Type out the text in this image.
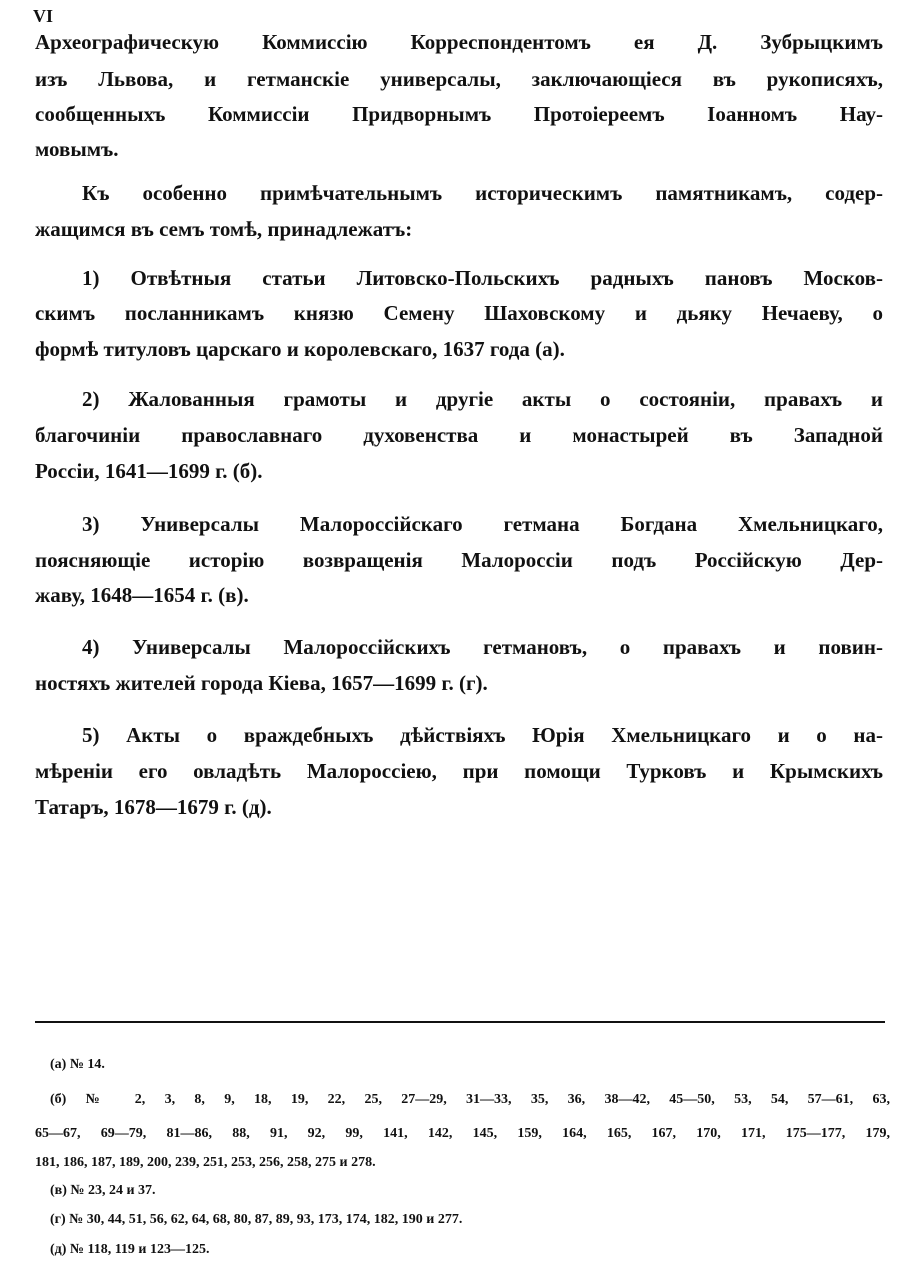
VI
Археографическую Коммиссію Корреспондентомъ ея Д. Зубрыцкимъ
изъ Львова, и гетманскіе универсалы, заключающіеся въ рукописяхъ,
сообщенныхъ Коммиссіи Придворнымъ Протоіереемъ Іоанномъ Нау-
мовымъ.
Къ особенно примѣчательнымъ историческимъ памятникамъ, содер-
жащимся въ семъ томѣ, принадлежатъ:
1) Отвѣтныя статьи Литовско-Польскихъ радныхъ пановъ Москов-
скимъ посланникамъ князю Семену Шаховскому и дьяку Нечаеву, о
формѣ титуловъ царскаго и королевскаго, 1637 года (а).
2) Жалованныя грамоты и другіе акты о состояніи, правахъ и
благочиніи православнаго духовенства и монастырей въ Западной
Россіи, 1641—1699 г. (б).
3) Универсалы Малороссійскаго гетмана Богдана Хмельницкаго,
поясняющіе исторію возвращенія Малороссіи подъ Россійскую Дер-
жаву, 1648—1654 г. (в).
4) Универсалы Малороссійскихъ гетмановъ, о правахъ и повин-
ностяхъ жителей города Кіева, 1657—1699 г. (г).
5) Акты о враждебныхъ дѣйствіяхъ Юрія Хмельницкаго и о на-
мѣреніи его овладѣть Малороссіею, при помощи Турковъ и Крымскихъ
Татаръ, 1678—1679 г. (д).
(а) № 14.
(б) № 2, 3, 8, 9, 18, 19, 22, 25, 27—29, 31—33, 35, 36, 38—42, 45—50, 53, 54, 57—61, 63,
65—67, 69—79, 81—86, 88, 91, 92, 99, 141, 142, 145, 159, 164, 165, 167, 170, 171, 175—177, 179,
181, 186, 187, 189, 200, 239, 251, 253, 256, 258, 275 и 278.
(в) № 23, 24 и 37.
(г) № 30, 44, 51, 56, 62, 64, 68, 80, 87, 89, 93, 173, 174, 182, 190 и 277.
(д) № 118, 119 и 123—125.
